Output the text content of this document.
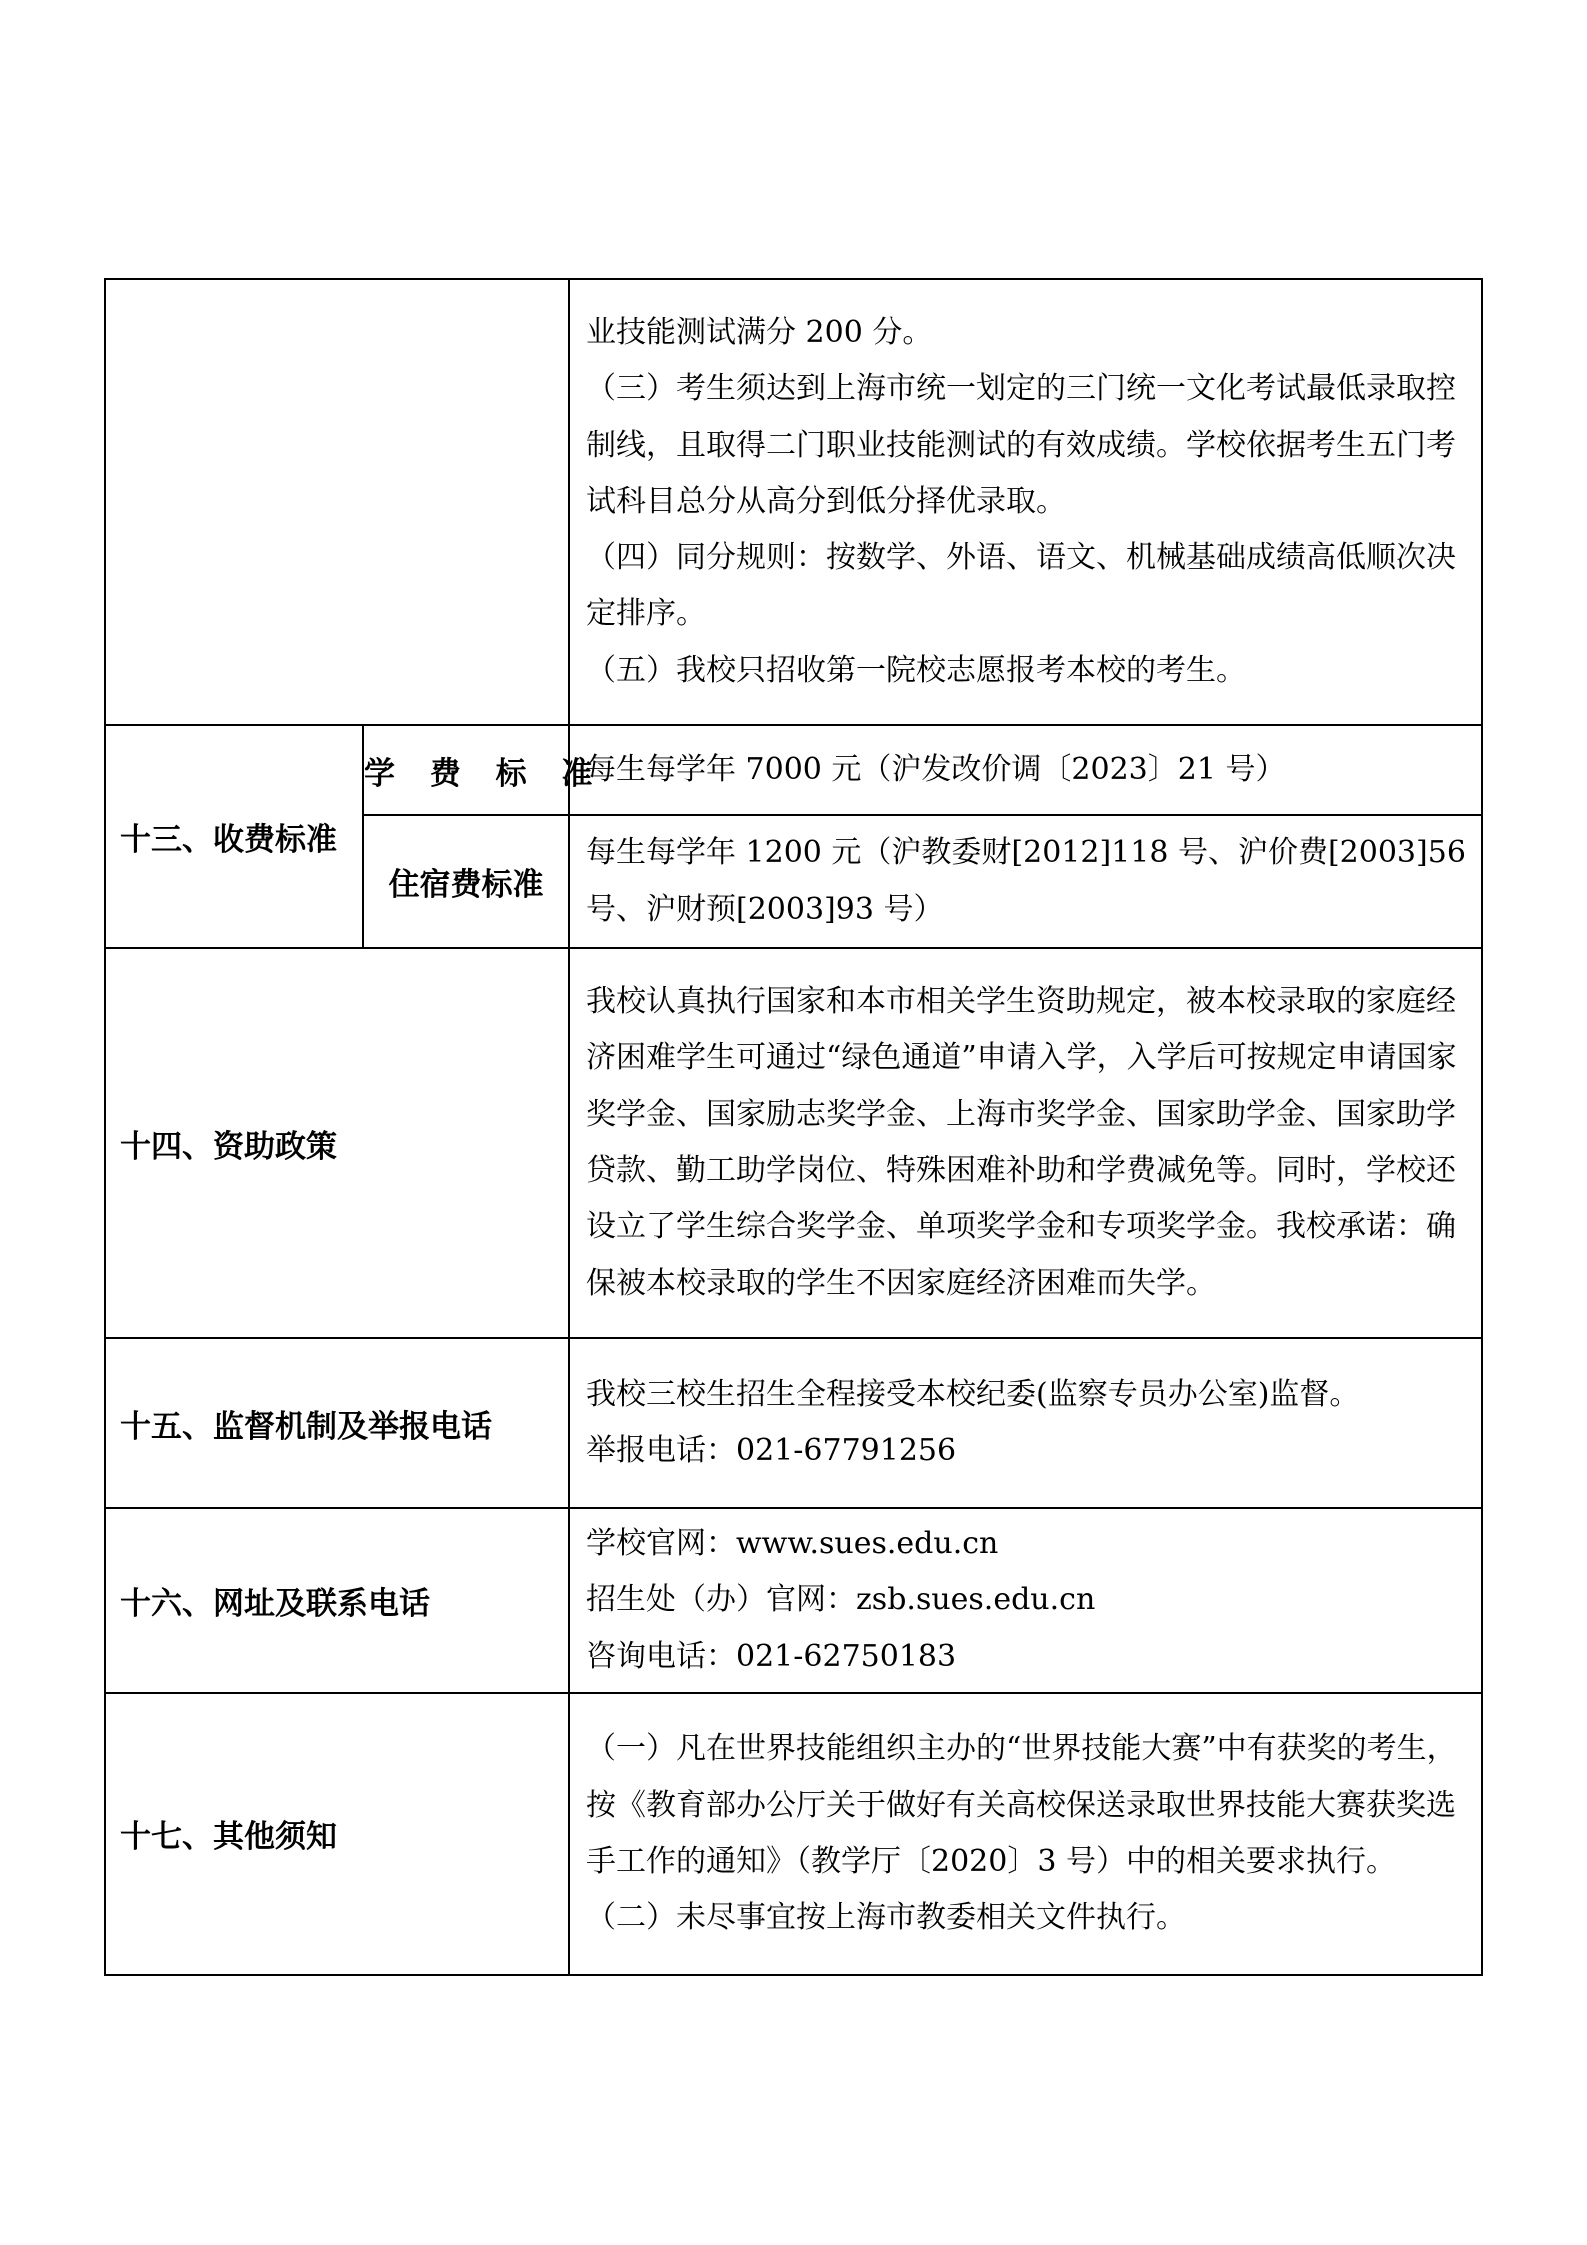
		业技能测试满分 200 分。

（三）考生须达到上海市统一划定的三门统一文化考试最低录取控制线，且取得二门职业技能测试的有效成绩。学校依据考生五门考试科目总分从高分到低分择优录取。

（四）同分规则：按数学、外语、语文、机械基础成绩高低顺次决定排序。

（五）我校只招收第一院校志愿报考本校的考生。

十三、收费标准	学 费 标 准	每生每学年 7000 元（沪发改价调〔2023〕21 号）
	住宿费标准	每生每学年 1200 元（沪教委财[2012]118 号、沪价费[2003]56 号、沪财预[2003]93 号）
十四、资助政策		我校认真执行国家和本市相关学生资助规定，被本校录取的家庭经济困难学生可通过“绿色通道”申请入学，入学后可按规定申请国家奖学金、国家励志奖学金、上海市奖学金、国家助学金、国家助学贷款、勤工助学岗位、特殊困难补助和学费减免等。同时，学校还设立了学生综合奖学金、单项奖学金和专项奖学金。我校承诺：确保被本校录取的学生不因家庭经济困难而失学。
十五、监督机制及举报电话		我校三校生招生全程接受本校纪委(监察专员办公室)监督。

举报电话：021-67791256

十六、网址及联系电话		学校官网：www.sues.edu.cn

招生处（办）官网：zsb.sues.edu.cn

咨询电话：021-62750183

十七、其他须知		（一）凡在世界技能组织主办的“世界技能大赛”中有获奖的考生，按《教育部办公厅关于做好有关高校保送录取世界技能大赛获奖选手工作的通知》（教学厅〔2020〕3 号）中的相关要求执行。

（二）未尽事宜按上海市教委相关文件执行。
